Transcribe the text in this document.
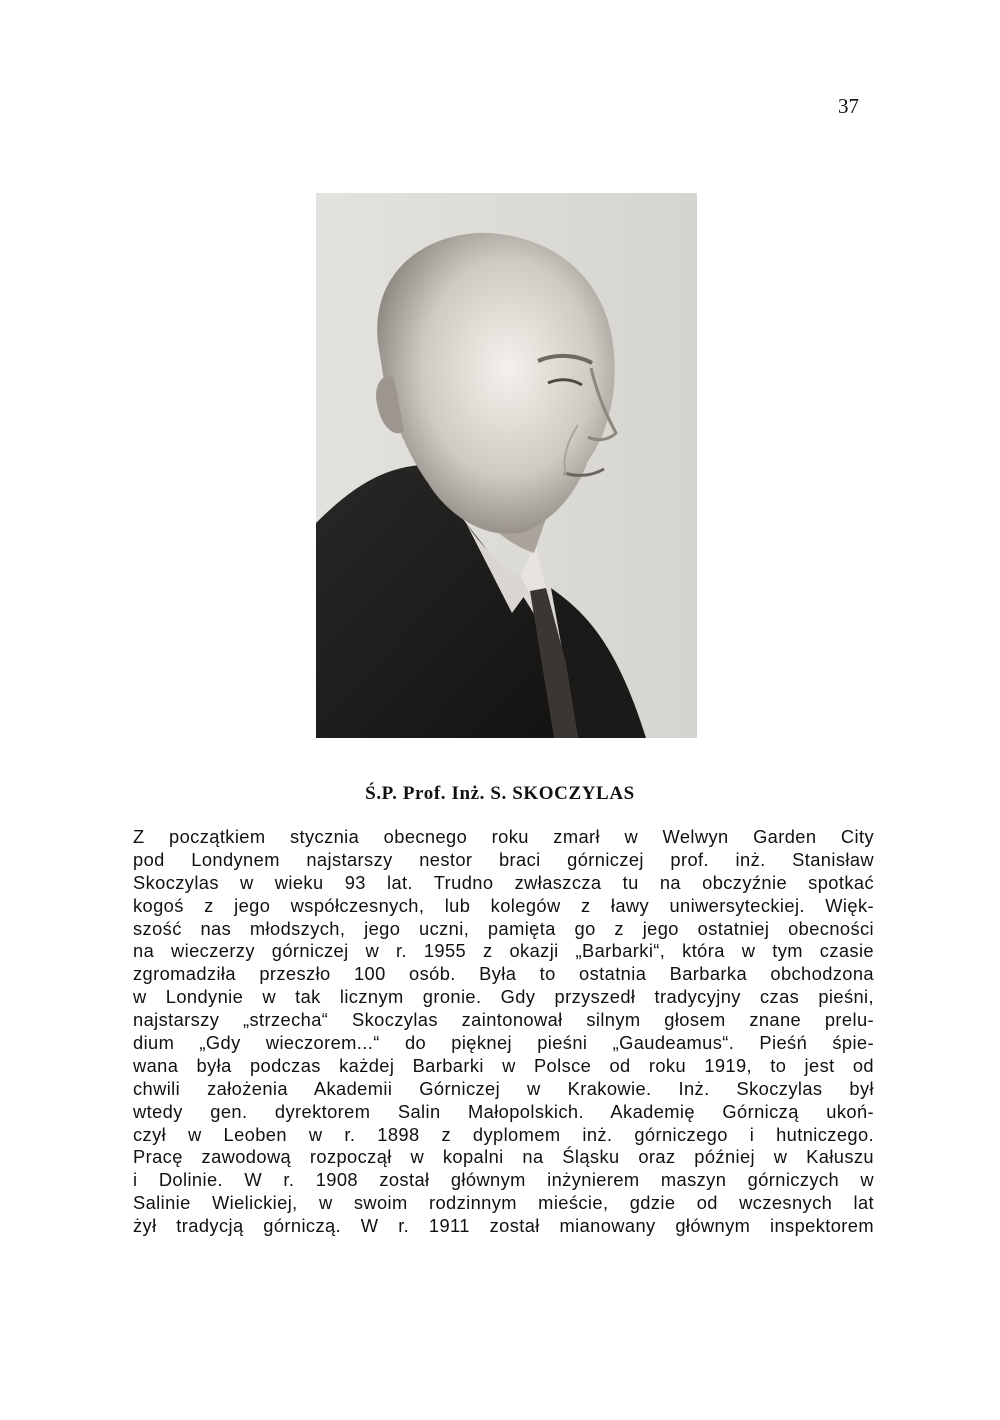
37
Ś.P. Prof. Inż. S. SKOCZYLAS
Z początkiem stycznia obecnego roku zmarł w Welwyn Garden City
pod Londynem najstarszy nestor braci górniczej prof. inż. Stanisław
Skoczylas w wieku 93 lat. Trudno zwłaszcza tu na obczyźnie spotkać
kogoś z jego współczesnych, lub kolegów z ławy uniwersyteckiej. Więk-
szość nas młodszych, jego uczni, pamięta go z jego ostatniej obecności
na wieczerzy górniczej w r. 1955 z okazji „Barbarki“, która w tym czasie
zgromadziła przeszło 100 osób. Była to ostatnia Barbarka obchodzona
w Londynie w tak licznym gronie. Gdy przyszedł tradycyjny czas pieśni,
najstarszy „strzecha“ Skoczylas zaintonował silnym głosem znane prelu-
dium „Gdy wieczorem...“ do pięknej pieśni „Gaudeamus“. Pieśń śpie-
wana była podczas każdej Barbarki w Polsce od roku 1919, to jest od
chwili założenia Akademii Górniczej w Krakowie. Inż. Skoczylas był
wtedy gen. dyrektorem Salin Małopolskich. Akademię Górniczą ukoń-
czył w Leoben w r. 1898 z dyplomem inż. górniczego i hutniczego.
Pracę zawodową rozpoczął w kopalni na Śląsku oraz później w Kałuszu
i Dolinie. W r. 1908 został głównym inżynierem maszyn górniczych w
Salinie Wielickiej, w swoim rodzinnym mieście, gdzie od wczesnych lat
żył tradycją górniczą. W r. 1911 został mianowany głównym inspektorem
